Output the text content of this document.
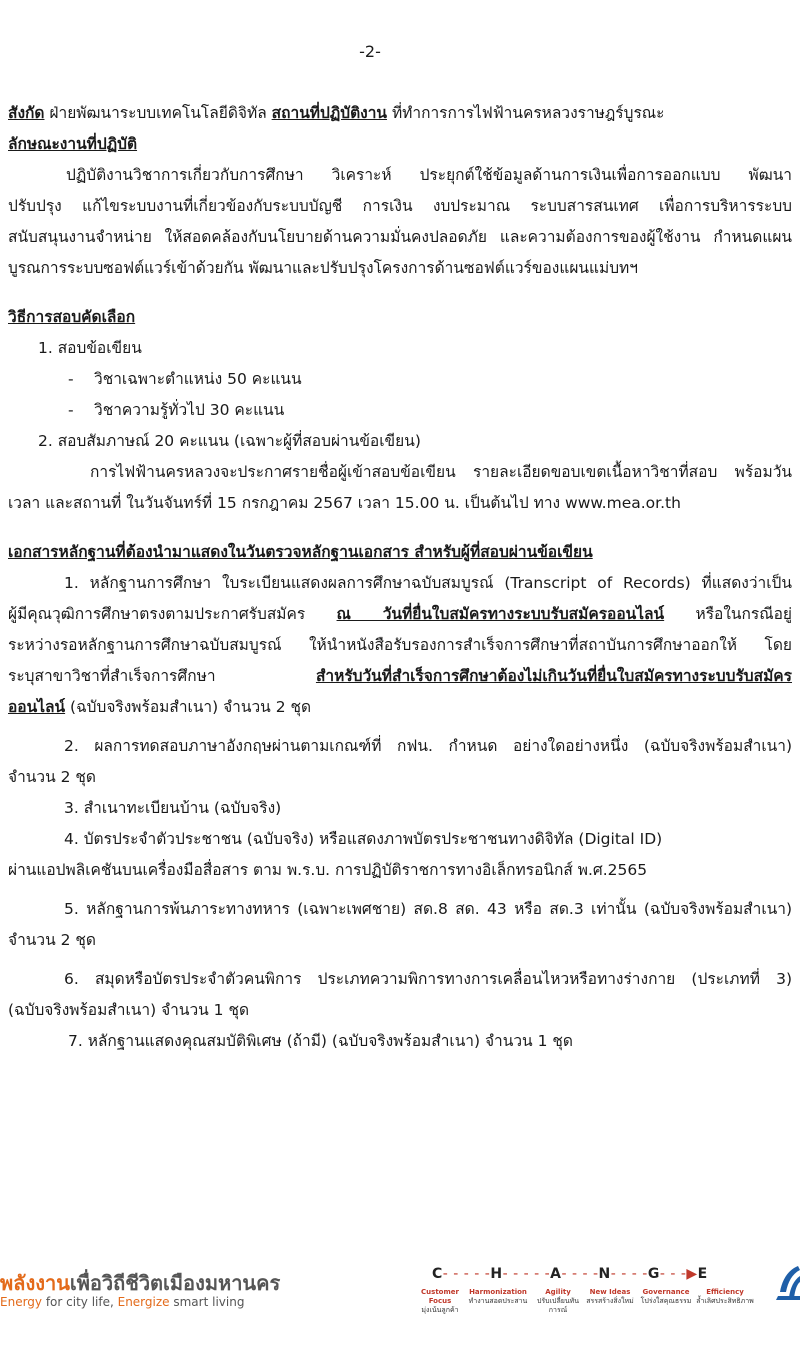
-2-
สังกัด ฝ่ายพัฒนาระบบเทคโนโลยีดิจิทัล สถานที่ปฏิบัติงาน ที่ทำการการไฟฟ้านครหลวงราษฎร์บูรณะ
ลักษณะงานที่ปฏิบัติ
ปฏิบัติงานวิชาการเกี่ยวกับการศึกษา วิเคราะห์ ประยุกต์ใช้ข้อมูลด้านการเงินเพื่อการออกแบบ พัฒนา
ปรับปรุง แก้ไขระบบงานที่เกี่ยวข้องกับระบบบัญชี การเงิน งบประมาณ ระบบสารสนเทศ เพื่อการบริหารระบบ
สนับสนุนงานจำหน่าย ให้สอดคล้องกับนโยบายด้านความมั่นคงปลอดภัย และความต้องการของผู้ใช้งาน กำหนดแผน
บูรณการระบบซอฟต์แวร์เข้าด้วยกัน พัฒนาและปรับปรุงโครงการด้านซอฟต์แวร์ของแผนแม่บทฯ
วิธีการสอบคัดเลือก
1. สอบข้อเขียน
- วิชาเฉพาะตำแหน่ง 50 คะแนน
- วิชาความรู้ทั่วไป 30 คะแนน
2. สอบสัมภาษณ์ 20 คะแนน (เฉพาะผู้ที่สอบผ่านข้อเขียน)
การไฟฟ้านครหลวงจะประกาศรายชื่อผู้เข้าสอบข้อเขียน รายละเอียดขอบเขตเนื้อหาวิชาที่สอบ พร้อมวัน
เวลา และสถานที่ ในวันจันทร์ที่ 15 กรกฎาคม 2567 เวลา 15.00 น. เป็นต้นไป ทาง www.mea.or.th
เอกสารหลักฐานที่ต้องนำมาแสดงในวันตรวจหลักฐานเอกสาร สำหรับผู้ที่สอบผ่านข้อเขียน
1. หลักฐานการศึกษา ใบระเบียนแสดงผลการศึกษาฉบับสมบูรณ์ (Transcript of Records) ที่แสดงว่าเป็น
ผู้มีคุณวุฒิการศึกษาตรงตามประกาศรับสมัคร ณ วันที่ยื่นใบสมัครทางระบบรับสมัครออนไลน์ หรือในกรณีอยู่
ระหว่างรอหลักฐานการศึกษาฉบับสมบูรณ์ ให้นำหนังสือรับรองการสำเร็จการศึกษาที่สถาบันการศึกษาออกให้ โดย
ระบุสาขาวิชาที่สำเร็จการศึกษา สำหรับวันที่สำเร็จการศึกษาต้องไม่เกินวันที่ยื่นใบสมัครทางระบบรับสมัคร
ออนไลน์ (ฉบับจริงพร้อมสำเนา) จำนวน 2 ชุด
2. ผลการทดสอบภาษาอังกฤษผ่านตามเกณฑ์ที่ กฟน. กำหนด อย่างใดอย่างหนึ่ง (ฉบับจริงพร้อมสำเนา)
จำนวน 2 ชุด
3. สำเนาทะเบียนบ้าน (ฉบับจริง)
4. บัตรประจำตัวประชาชน (ฉบับจริง) หรือแสดงภาพบัตรประชาชนทางดิจิทัล (Digital ID)
ผ่านแอปพลิเคชันบนเครื่องมือสื่อสาร ตาม พ.ร.บ. การปฏิบัติราชการทางอิเล็กทรอนิกส์ พ.ศ.2565
5. หลักฐานการพ้นภาระทางทหาร (เฉพาะเพศชาย) สด.8 สด. 43 หรือ สด.3 เท่านั้น (ฉบับจริงพร้อมสำเนา)
จำนวน 2 ชุด
6. สมุดหรือบัตรประจำตัวคนพิการ ประเภทความพิการทางการเคลื่อนไหวหรือทางร่างกาย (ประเภทที่ 3)
(ฉบับจริงพร้อมสำเนา) จำนวน 1 ชุด
7. หลักฐานแสดงคุณสมบัติพิเศษ (ถ้ามี) (ฉบับจริงพร้อมสำเนา) จำนวน 1 ชุด
พลังงานเพื่อวิถีชีวิตเมืองมหานคร
Energy for city life, Energize smart living
C- - - - -H- - - - -A- - - -N- - - -G- - -▶E
Customer Focus
มุ่งเน้นลูกค้า
Harmonization
ทำงานสอดประสาน
Agility
ปรับเปลี่ยนทันการณ์
New Ideas
สรรสร้างสิ่งใหม่
Governance
โปร่งใสคุณธรรม
Efficiency
ล้ำเลิศประสิทธิภาพ
